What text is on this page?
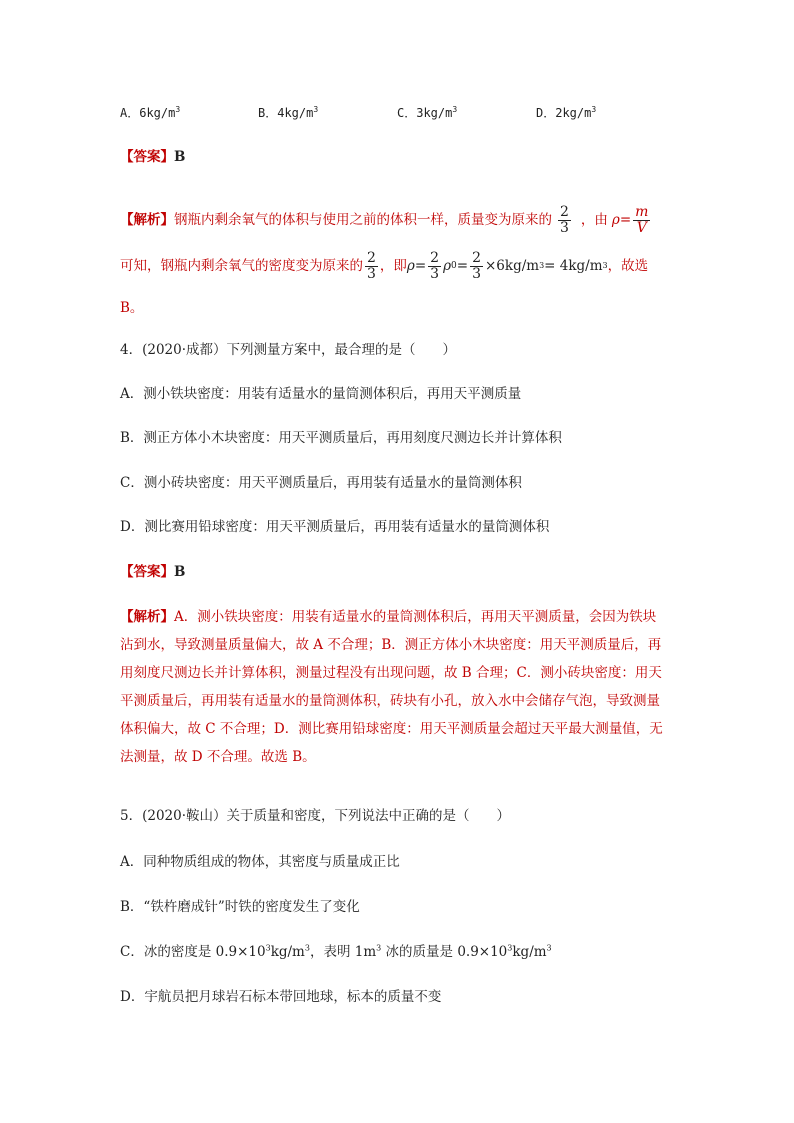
A．$6kg/m^3$	B．$4kg/m^3$	C．$3kg/m^3$	D．$2kg/m^3$
【答案】B
【解析】 钢瓶内剩余氧气的体积与使用之前的体积一样，质量变为原来的 $\frac{2}{3}$ ，由 $\rho= \frac{m}{V}$
可知，钢瓶内剩余氧气的密度变为原来的 $\frac{2}{3}$ ，即 $\rho = \frac{2}{3}$ ρ $0 = \frac{2}{3} \times 6kg/m$ 3 = 4kg/m 3 ，故选
B。
4．(2020·成都）下列测量方案中，最合理的是（　　）
A．测小铁块密度：用装有适量水的量筒测体积后，再用天平测质量
B．测正方体小木块密度：用天平测质量后，再用刻度尺测边长并计算体积
C．测小砖块密度：用天平测质量后，再用装有适量水的量筒测体积
D．测比赛用铅球密度：用天平测质量后，再用装有适量水的量筒测体积
【答案】B
【解析】A．测小铁块密度：用装有适量水的量筒测体积后，再用天平测质量，会因为铁块
沾到水，导致测量质量偏大，故 A 不合理；B．测正方体小木块密度：用天平测质量后，再
用刻度尺测边长并计算体积，测量过程没有出现问题，故 B 合理；C．测小砖块密度：用天
平测质量后，再用装有适量水的量筒测体积，砖块有小孔，放入水中会储存气泡，导致测量
体积偏大，故 C 不合理；D．测比赛用铅球密度：用天平测质量会超过天平最大测量值，无
法测量，故 D 不合理。故选 B。
5．(2020·鞍山）关于质量和密度，下列说法中正确的是（　　）
A．同种物质组成的物体，其密度与质量成正比
B．“铁杵磨成针”时铁的密度发生了变化
C．冰的密度是 $0.9\times 10^3kg/m^3$，表明 $1m^3$ 冰的质量是 $0.9\times 10^3kg/m^3$
D．宇航员把月球岩石标本带回地球，标本的质量不变
